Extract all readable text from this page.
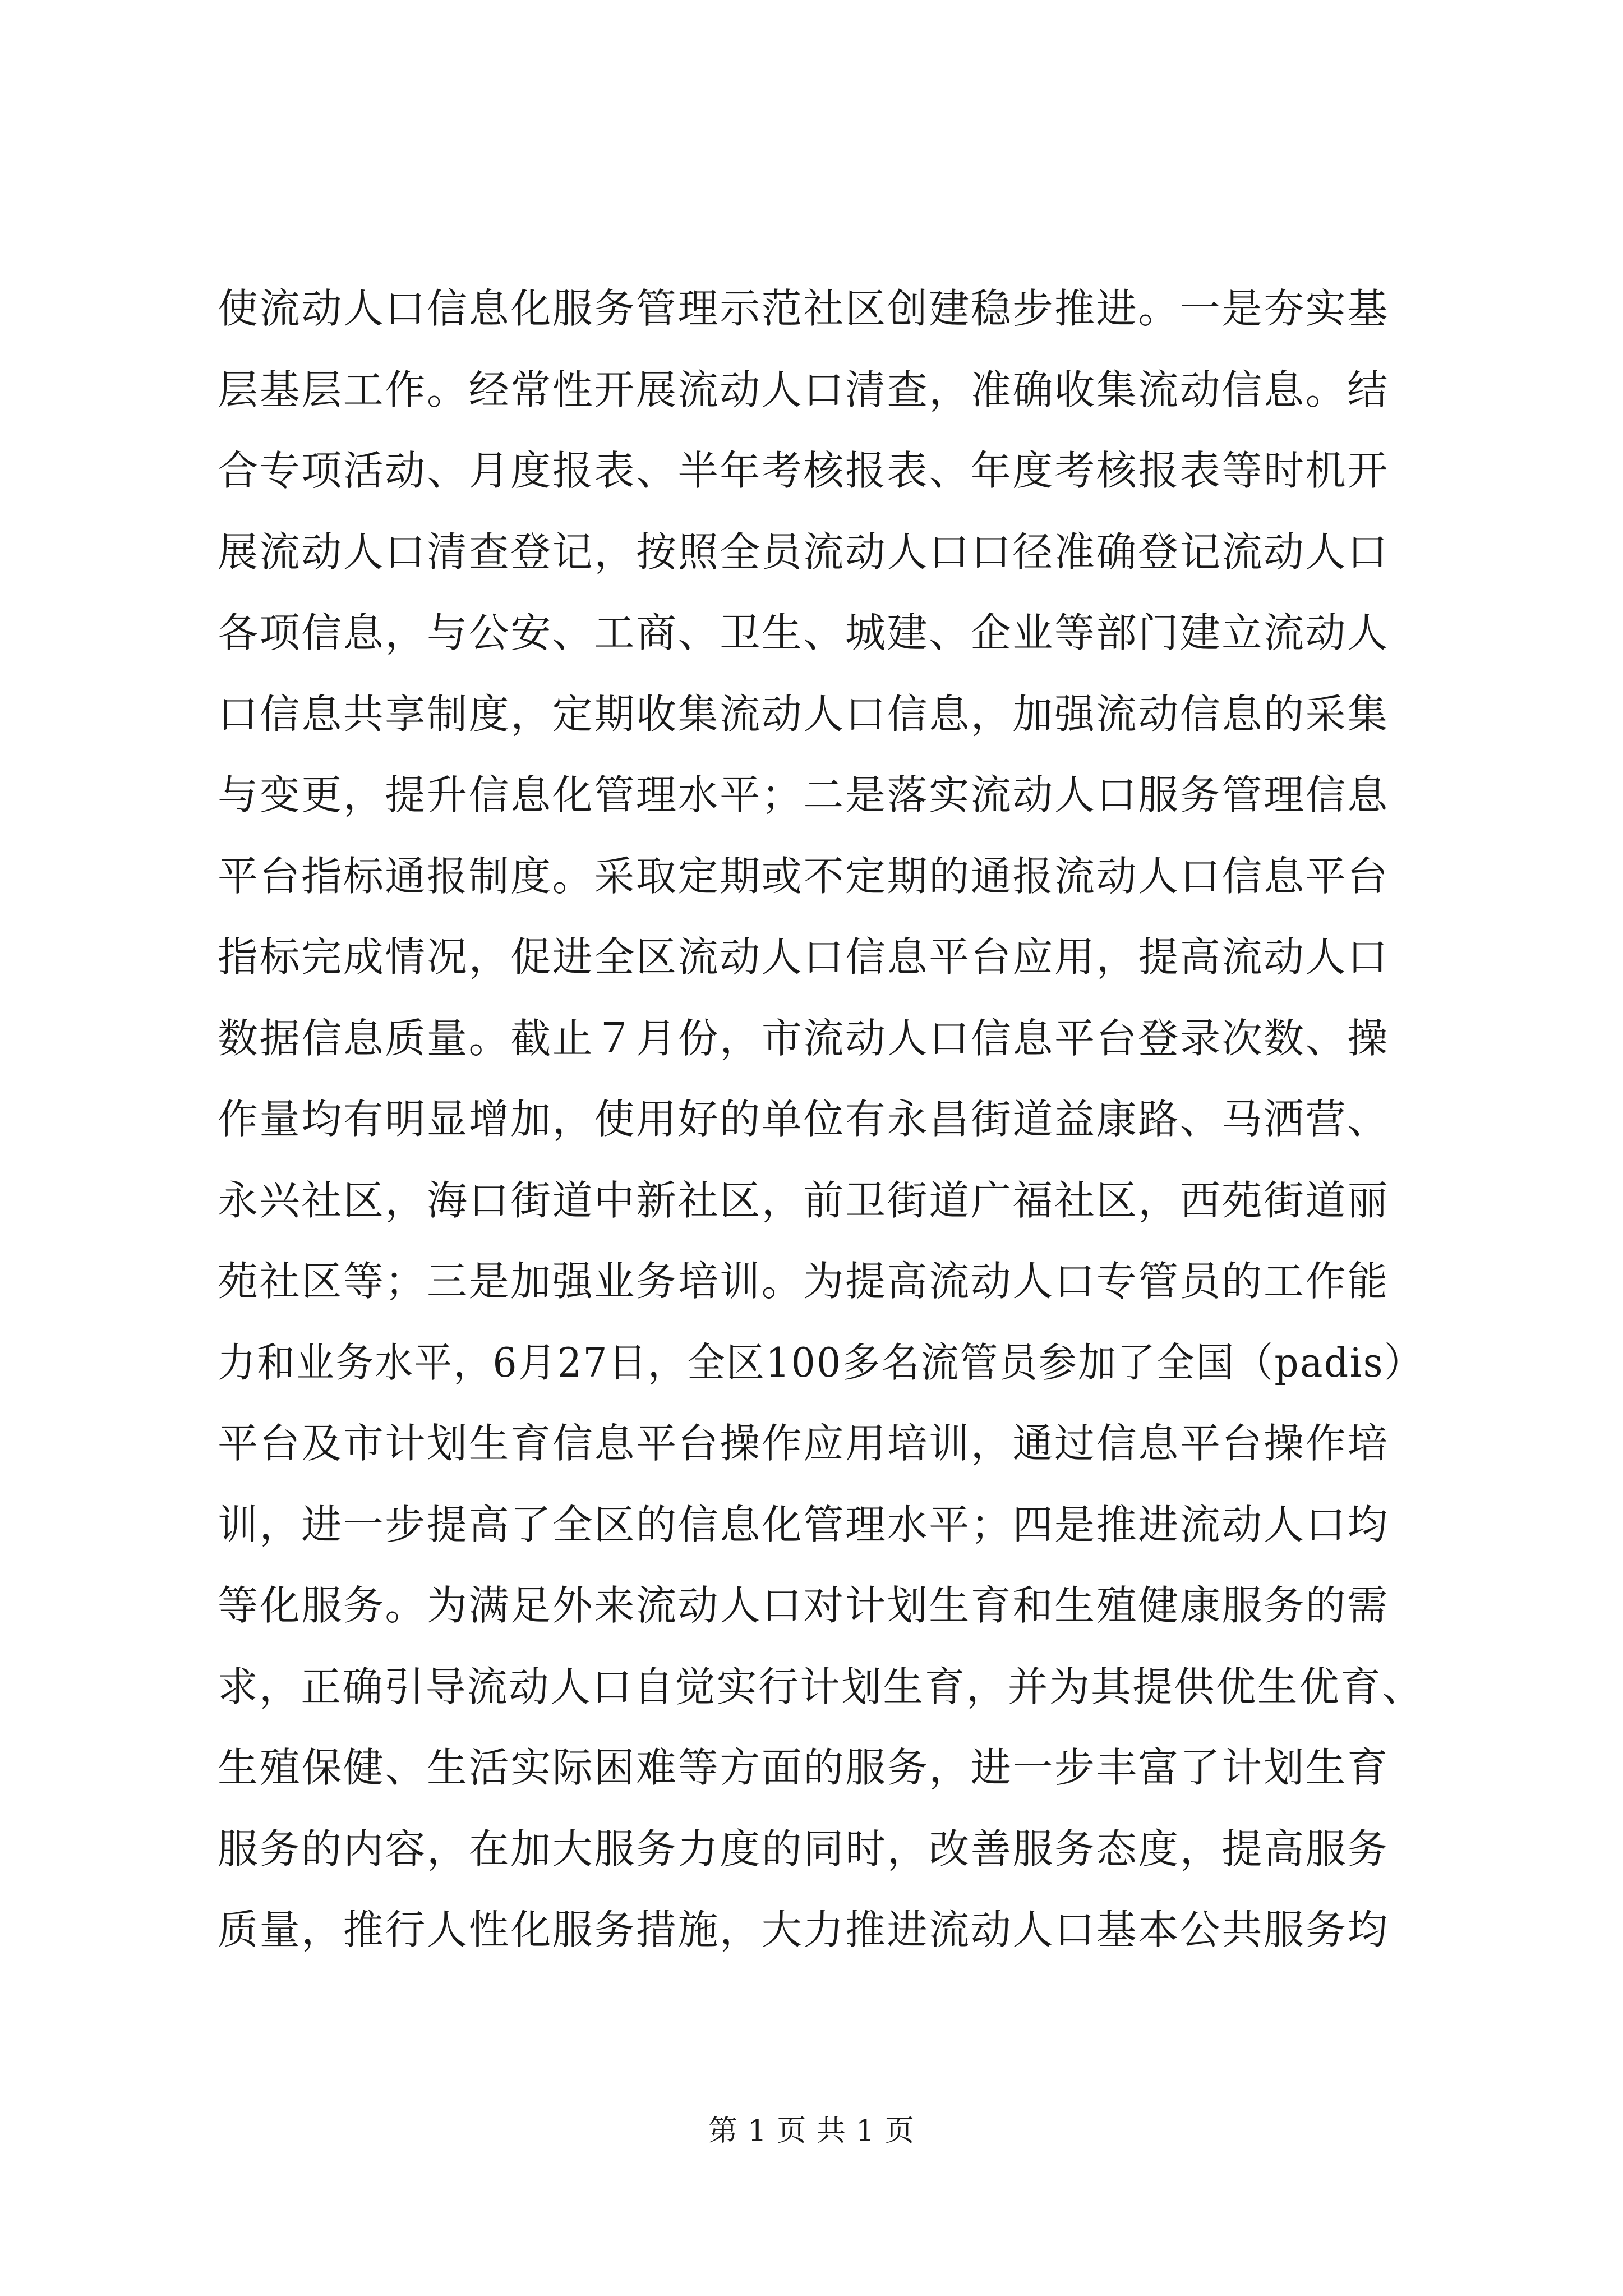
使流动人口信息化服务管理示范社区创建稳步推进。一是夯实基
层基层工作。经常性开展流动人口清查，准确收集流动信息。结
合专项活动、月度报表、半年考核报表、年度考核报表等时机开
展流动人口清查登记，按照全员流动人口口径准确登记流动人口
各项信息，与公安、工商、卫生、城建、企业等部门建立流动人
口信息共享制度，定期收集流动人口信息，加强流动信息的采集
与变更，提升信息化管理水平；二是落实流动人口服务管理信息
平台指标通报制度。采取定期或不定期的通报流动人口信息平台
指标完成情况，促进全区流动人口信息平台应用，提高流动人口
数据信息质量。截止７月份，市流动人口信息平台登录次数、操
作量均有明显增加，使用好的单位有永昌街道益康路、马洒营、
永兴社区，海口街道中新社区，前卫街道广福社区，西苑街道丽
苑社区等；三是加强业务培训。为提高流动人口专管员的工作能
力和业务水平，6月27日，全区100多名流管员参加了全国（padis）
平台及市计划生育信息平台操作应用培训，通过信息平台操作培
训，进一步提高了全区的信息化管理水平；四是推进流动人口均
等化服务。为满足外来流动人口对计划生育和生殖健康服务的需
求，正确引导流动人口自觉实行计划生育，并为其提供优生优育、
生殖保健、生活实际困难等方面的服务，进一步丰富了计划生育
服务的内容，在加大服务力度的同时，改善服务态度，提高服务
质量，推行人性化服务措施，大力推进流动人口基本公共服务均
第 1 页 共 1 页
